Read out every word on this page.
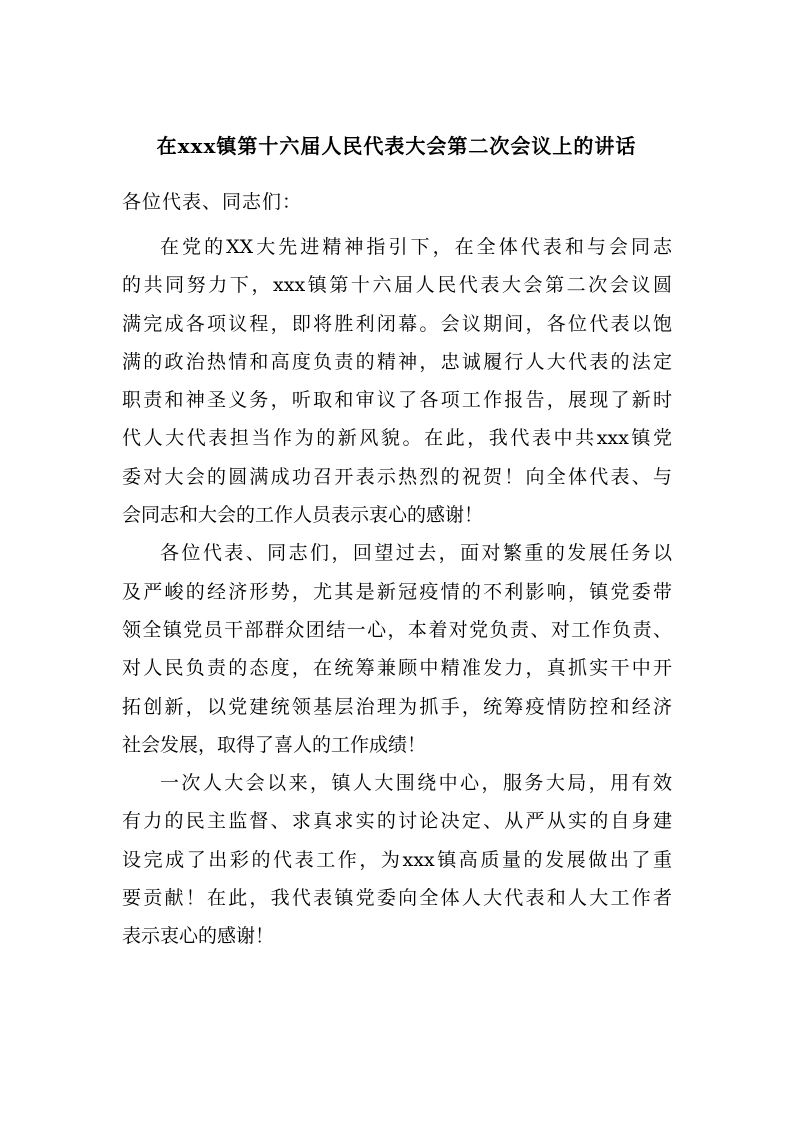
在xxx镇第十六届人民代表大会第二次会议上的讲话
各位代表、同志们：

在党的XX大先进精神指引下，在全体代表和与会同志
的共同努力下，xxx镇第十六届人民代表大会第二次会议圆
满完成各项议程，即将胜利闭幕。会议期间，各位代表以饱
满的政治热情和高度负责的精神，忠诚履行人大代表的法定
职责和神圣义务，听取和审议了各项工作报告，展现了新时
代人大代表担当作为的新风貌。在此，我代表中共xxx镇党
委对大会的圆满成功召开表示热烈的祝贺！向全体代表、与
会同志和大会的工作人员表示衷心的感谢！

各位代表、同志们，回望过去，面对繁重的发展任务以
及严峻的经济形势，尤其是新冠疫情的不利影响，镇党委带
领全镇党员干部群众团结一心，本着对党负责、对工作负责、
对人民负责的态度，在统筹兼顾中精准发力，真抓实干中开
拓创新，以党建统领基层治理为抓手，统筹疫情防控和经济
社会发展，取得了喜人的工作成绩！

一次人大会以来，镇人大围绕中心，服务大局，用有效
有力的民主监督、求真求实的讨论决定、从严从实的自身建
设完成了出彩的代表工作，为xxx镇高质量的发展做出了重
要贡献！在此，我代表镇党委向全体人大代表和人大工作者
表示衷心的感谢！
